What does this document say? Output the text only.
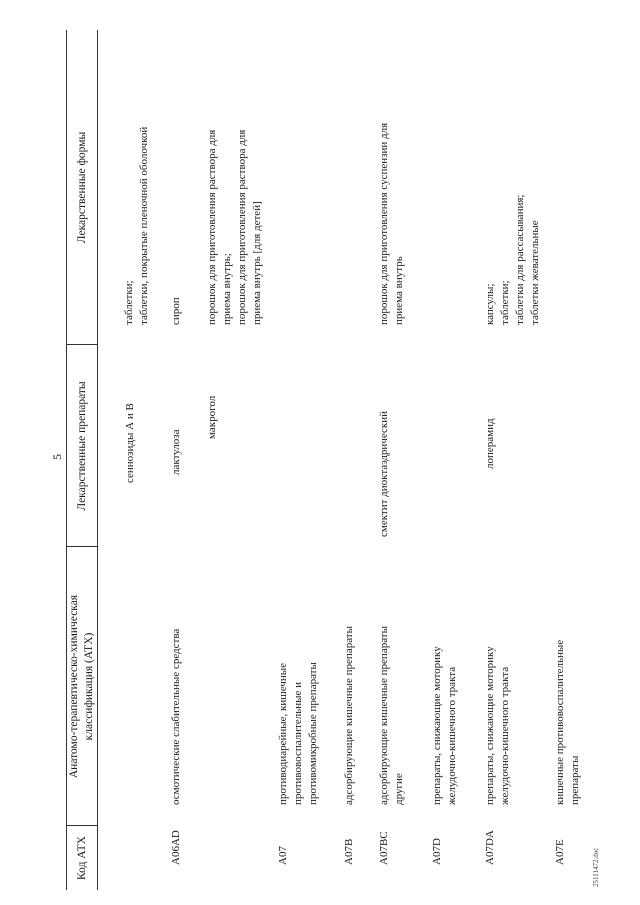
5
Код АТХ
Анатомо-терапевтическо-химическая классификация (АТХ)
Лекарственные препараты
Лекарственные формы
сеннозиды А и В
таблетки; таблетки, покрытые пленочной оболочкой
A06AD
осмотические слабительные средства
лактулоза
сироп
макрогол
порошок для приготовления раствора для приема внутрь; порошок для приготовления раствора для приема внутрь [для детей]
A07
противодиарейные, кишечные противовоспалительные и противомикробные препараты
A07B
адсорбирующие кишечные препараты
A07BC
адсорбирующие кишечные препараты другие
смектит диоктаэдрический
порошок для приготовления суспензии для приема внутрь
A07D
препараты, снижающие моторику желудочно-кишечного тракта
A07DA
препараты, снижающие моторику желудочно-кишечного тракта
лоперамид
капсулы; таблетки; таблетки для рассасывания; таблетки жевательные
A07E
кишечные противовоспалительные препараты
25111472.doc
